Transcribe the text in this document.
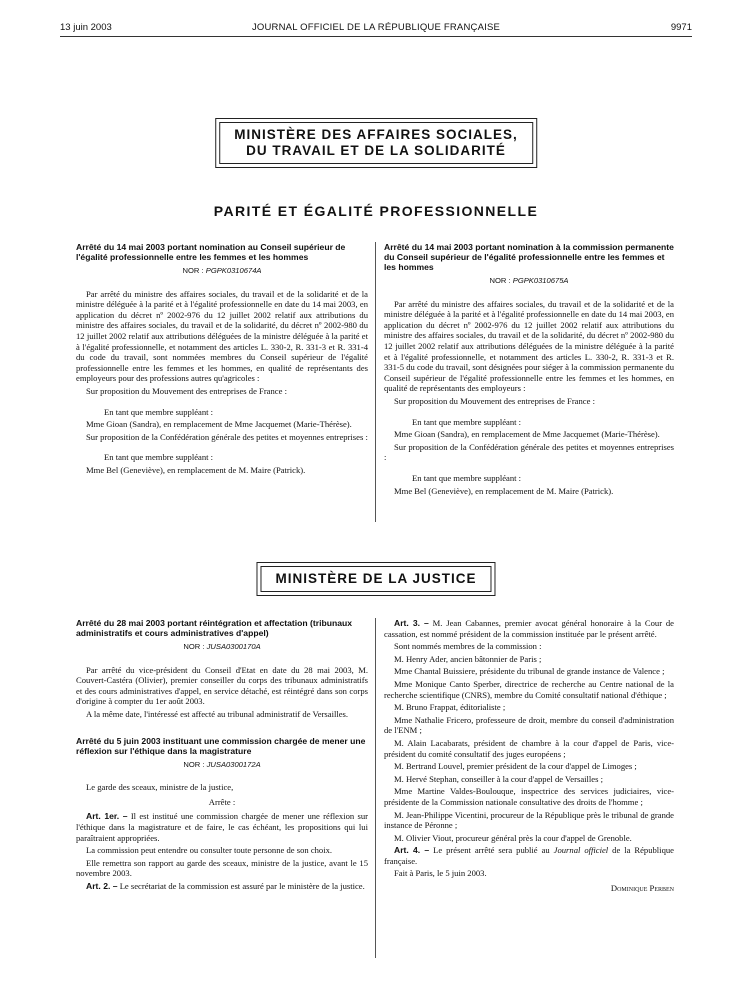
13 juin 2003	JOURNAL OFFICIEL DE LA RÉPUBLIQUE FRANÇAISE	9971
MINISTÈRE DES AFFAIRES SOCIALES,
DU TRAVAIL ET DE LA SOLIDARITÉ
PARITÉ ET ÉGALITÉ PROFESSIONNELLE
Arrêté du 14 mai 2003 portant nomination au Conseil supérieur de l'égalité professionnelle entre les femmes et les hommes
NOR : PGPK0310674A

Par arrêté du ministre des affaires sociales, du travail et de la solidarité et de la ministre déléguée à la parité et à l'égalité professionnelle en date du 14 mai 2003, en application du décret nº 2002-976 du 12 juillet 2002 relatif aux attributions du ministre des affaires sociales, du travail et de la solidarité, du décret nº 2002-980 du 12 juillet 2002 relatif aux attributions déléguées de la ministre déléguée à la parité et à l'égalité professionnelle, et notamment des articles L. 330-2, R. 331-3 et R. 331-4 du code du travail, sont nommées membres du Conseil supérieur de l'égalité professionnelle entre les femmes et les hommes, en qualité de représentants des employeurs pour des professions autres qu'agricoles :

Sur proposition du Mouvement des entreprises de France :

En tant que membre suppléant :

Mme Gioan (Sandra), en remplacement de Mme Jacquemet (Marie-Thérèse).

Sur proposition de la Confédération générale des petites et moyennes entreprises :

En tant que membre suppléant :

Mme Bel (Geneviève), en remplacement de M. Maire (Patrick).

Arrêté du 14 mai 2003 portant nomination à la commission permanente du Conseil supérieur de l'égalité professionnelle entre les femmes et les hommes
NOR : PGPK0310675A

Par arrêté du ministre des affaires sociales, du travail et de la solidarité et de la ministre déléguée à la parité et à l'égalité professionnelle en date du 14 mai 2003, en application du décret nº 2002-976 du 12 juillet 2002 relatif aux attributions du ministre des affaires sociales, du travail et de la solidarité, du décret nº 2002-980 du 12 juillet 2002 relatif aux attributions déléguées de la ministre déléguée à la parité et à l'égalité professionnelle, et notamment des articles L. 330-2, R. 331-3 et R. 331-5 du code du travail, sont désignées pour siéger à la commission permanente du Conseil supérieur de l'égalité professionnelle entre les femmes et les hommes, en qualité de représentants des employeurs :

Sur proposition du Mouvement des entreprises de France :

En tant que membre suppléant :

Mme Gioan (Sandra), en remplacement de Mme Jacquemet (Marie-Thérèse).

Sur proposition de la Confédération générale des petites et moyennes entreprises :

En tant que membre suppléant :

Mme Bel (Geneviève), en remplacement de M. Maire (Patrick).

MINISTÈRE DE LA JUSTICE
Arrêté du 28 mai 2003 portant réintégration et affectation (tribunaux administratifs et cours administratives d'appel)
NOR : JUSA0300170A

Par arrêté du vice-président du Conseil d'Etat en date du 28 mai 2003, M. Couvert-Castéra (Olivier), premier conseiller du corps des tribunaux administratifs et des cours administratives d'appel, en service détaché, est réintégré dans son corps d'origine à compter du 1er août 2003.

A la même date, l'intéressé est affecté au tribunal administratif de Versailles.

Arrêté du 5 juin 2003 instituant une commission chargée de mener une réflexion sur l'éthique dans la magistrature
NOR : JUSA0300172A

Le garde des sceaux, ministre de la justice,

Arrête :

Art. 1er. – Il est institué une commission chargée de mener une réflexion sur l'éthique dans la magistrature et de faire, le cas échéant, les propositions qui lui paraîtraient appropriées.

La commission peut entendre ou consulter toute personne de son choix.

Elle remettra son rapport au garde des sceaux, ministre de la justice, avant le 15 novembre 2003.

Art. 2. – Le secrétariat de la commission est assuré par le ministère de la justice.

Art. 3. – M. Jean Cabannes, premier avocat général honoraire à la Cour de cassation, est nommé président de la commission instituée par le présent arrêté.

Sont nommés membres de la commission :

M. Henry Ader, ancien bâtonnier de Paris ;

Mme Chantal Buissiere, présidente du tribunal de grande instance de Valence ;

Mme Monique Canto Sperber, directrice de recherche au Centre national de la recherche scientifique (CNRS), membre du Comité consultatif national d'éthique ;

M. Bruno Frappat, éditorialiste ;

Mme Nathalie Fricero, professeure de droit, membre du conseil d'administration de l'ENM ;

M. Alain Lacabarats, président de chambre à la cour d'appel de Paris, vice-président du comité consultatif des juges européens ;

M. Bertrand Louvel, premier président de la cour d'appel de Limoges ;

M. Hervé Stephan, conseiller à la cour d'appel de Versailles ;

Mme Martine Valdes-Boulouque, inspectrice des services judiciaires, vice-présidente de la Commission nationale consultative des droits de l'homme ;

M. Jean-Philippe Vicentini, procureur de la République près le tribunal de grande instance de Péronne ;

M. Olivier Viout, procureur général près la cour d'appel de Grenoble.

Art. 4. – Le présent arrêté sera publié au Journal officiel de la République française.

Fait à Paris, le 5 juin 2003.

Dominique Perben
